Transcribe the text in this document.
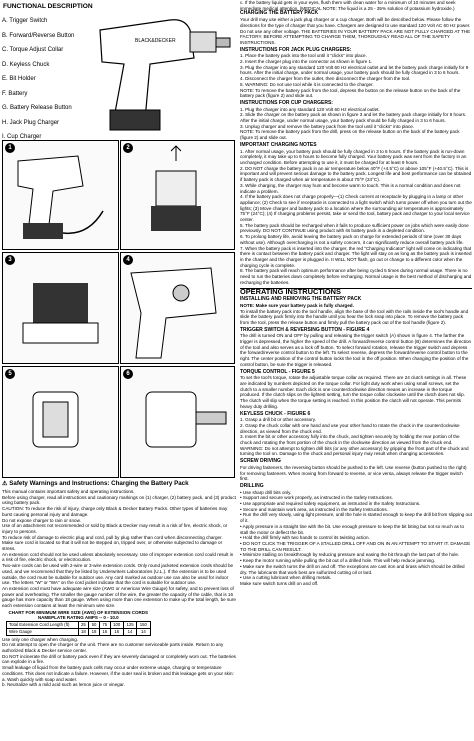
FUNCTIONAL DESCRIPTION
A. Trigger Switch
B. Forward/Reverse Button
C. Torque Adjust Collar
D. Keyless Chuck
E. Bit Holder
F. Battery
G. Battery Release Button
H. Jack Plug Charger
I. Cup Charger
BLACK&DECKER
1	2
3	4
5	6
⚠ Safety Warnings and Instructions: Charging the Battery Pack

This manual contains important safety and operating instructions.

Before using charger, read all instructions and cautionary markings on (1) charger, (2) battery pack, and (3) product using battery pack.

CAUTION: To reduce the risk of injury, charge only Black & Decker Battery Packs. Other types of batteries may burst causing personal injury and damage.

Do not expose charger to rain or snow.

Use of an attachment not recommended or sold by Black & Decker may result in a risk of fire, electric shock, or injury to persons.

To reduce risk of damage to electric plug and cord, pull by plug rather than cord when disconnecting charger.

Make sure cord is located so that it will not be stepped on, tripped over, or otherwise subjected to damage or stress.

An extension cord should not be used unless absolutely necessary. Use of improper extension cord could result in a risk of fire, electric shock, or electrocution.

Two-wire cords can be used with 2-wire or 3-wire extension cords. Only round jacketed extension cords should be used, and we recommend that they be listed by Underwriters Laboratories (U.L.). If the extension is to be used outside, the cord must be suitable for outdoor use. Any cord marked as outdoor use can also be used for indoor use. The letters "W" or "WA" on the cord jacket indicate that the cord is suitable for outdoor use.

An extension cord must have adequate wire size (AWG or American Wire Gauge) for safety, and to prevent loss of power and overheating. The smaller the gauge number of the wire, the greater the capacity of the cable, that is 16 gauge has more capacity than 18 gauge. When using more than one extension to make up the total length, be sure each extension contains at least the minimum wire size.

CHART FOR MINIMUM WIRE SIZE (AWG) OF EXTENSION CORDS						
NAMEPLATE RATING AMPS -- 0 - 10.0						
Total Extension Cord Length (ft)	25	50	75	100	125	150
Wire Gauge	18	18	16	16	14	14

Use only one charger when charging.

Do not attempt to open the charger or the unit. There are no customer serviceable parts inside. Return to any authorized Black & Decker service center.

Do NOT incinerate the drill or battery pack even if they are severely damaged or completely worn out. The batteries can explode in a fire.

Small leakage of liquid from the battery pack cells may occur under extreme usage, charging or temperature conditions. This does not indicate a failure. However, if the outer seal is broken and this leakage gets on your skin:

a. Wash quickly with soap and water.

b. Neutralize with a mild acid such as lemon juice or vinegar.

c. If the battery liquid gets in your eyes, flush them with clean water for a minimum of 10 minutes and seek immediate medical attention. (MEDICAL NOTE: The liquid is a 25 - 35% solution of potassium hydroxide.)

CHARGING THE BATTERY PACK

Your drill may use either a jack plug charger or a cup charger. Both will be described below. Please follow the directions for the type of charger that you have. Chargers are designed to use standard 120 Volt AC 60 Hz power. Do not use any other voltage. THE BATTERIES IN YOUR BATTERY PACK ARE NOT FULLY CHARGED AT THE FACTORY. BEFORE ATTEMPTING TO CHARGE THEM, THOROUGHLY READ ALL OF THE SAFETY INSTRUCTIONS.

INSTRUCTIONS FOR JACK PLUG CHARGERS:

1. Place the battery pack into the tool until it "clicks" into place.

2. Insert the charger plug into the connector as shown in figure 1.

3. Plug the charger into any standard 120 Volt 60 Hz electrical outlet and let the battery pack charge initially for 9 hours. After the initial charge, under normal usage, your battery pack should be fully charged in 3 to 6 hours.

4. Disconnect the charger from the outlet, then disconnect the charger from the tool.

5. WARNING: Do not use tool while it is connected to the charger.

NOTE: To remove the battery pack from the tool, depress the button on the release button on the back of the battery pack (figure 2) and slide out.

INSTRUCTIONS FOR CUP CHARGERS:

1. Plug the charger into any standard 120 Volt 60 Hz electrical outlet.

2. Slide the charger on the battery pack as shown in figure 3 and let the battery pack charge initially for 9 hours. After the initial charge, under normal usage, your battery pack should be fully charged in 3 to 6 hours.

3. Unplug charger and remove the battery pack from the tool until it "clicks" into place.

NOTE: To remove the battery pack from the drill, press on the release button on the back of the battery pack (figure 2) and slide out.

IMPORTANT CHARGING NOTES

1. After normal usage, your battery pack should be fully charged in 3 to 6 hours. If the battery pack is run-down completely, it may take up to 6 hours to become fully charged. Your battery pack was sent from the factory in an uncharged condition. Before attempting to use it, it must be charged for at least 9 hours.

2. DO NOT charge the battery pack in an air temperature below 40°F (+4.5°C) or above 105°F (+40.5°C). This is important and will prevent serious damage to the battery pack. Longest life and best performance can be obtained if battery pack is charged when air temperature is about 75°F (24°C).

3. While charging, the charger may hum and become warm to touch. This is a normal condition and does not indicate a problem.

4. If the battery pack does not charge properly—(1) Check current at receptacle by plugging in a lamp or other appliance; (2) Check to see if receptacle is connected to a light switch which turns power off when you turn out the lights; (3) Move charger and battery pack to a location where the surrounding air temperature is approximately 75°F (24°C); (4) If charging problems persist, take or send the tool, battery pack and charger to your local service center.

5. The battery pack should be recharged when it fails to produce sufficient power on jobs which were easily done previously. DO NOT CONTINUE using product with its battery pack in a depleted condition.

6. To prolong battery life, avoid leaving the battery pack on charge for extended periods of time (over 30 days without use). Although overcharging is not a safety concern, it can significantly reduce overall battery pack life.

7. When the battery pack is inserted into the charger, the red "Charging Indicator" light will come on indicating that there is contact between the battery pack and charger. The light will stay on as long as the battery pack is inserted in the charger and the charger is plugged in. It WILL NOT flash, go out or change to a different color when the charging cycle is complete.

8. The battery pack will reach optimum performance after being cycled 5 times during normal usage. There is no need to run the batteries down completely before recharging. Normal usage is the best method of discharging and recharging the batteries.

OPERATING INSTRUCTIONS
INSTALLING AND REMOVING THE BATTERY PACK

NOTE: Make sure your battery pack is fully charged.

To install the battery pack into the tool handle, align the base of the tool with the rails inside the tool's handle and slide the battery pack firmly into the handle until you hear the lock snap into place. To remove the battery pack from the tool, press the release button and firmly pull the battery pack out of the tool handle (figure 2).

TRIGGER SWITCH & REVERSING BUTTON - FIGURE 4

The drill is turned ON and OFF by pulling and releasing the trigger switch (A) shown in figure 4. The farther the trigger is depressed, the higher the speed of the drill. A forward/reverse control button (B) determines the direction of the tool and also serves as a lock off button. To select forward rotation, release the trigger switch and depress the forward/reverse control button to the left. To select reverse, depress the forward/reverse control button to the right. The center position of the control button locks the tool in the off position. When changing the position of the control button, be sure the trigger is released.

TORQUE CONTROL - FIGURE 5

To set the tool's torque, rotate the adjustable torque collar as required. There are 24 clutch settings in all. These are indicated by numbers depicted on the torque collar. For light duty work when using small screws, set the clutch to a smaller number. Each click is one counterclockwise direction means an increase in the torque produced. If the clutch slips on the lightest setting, turn the torque collar clockwise until the clutch does not slip. The clutch will slip when the torque setting is reached. In this position the clutch will not operate. This permits heavy duty drilling.

KEYLESS CHUCK - FIGURE 6

1. Grasp a drill bit or other accessory.

2. Grasp the chuck collar with one hand and use your other hand to rotate the chuck in the counterclockwise direction, as viewed from the chuck end.

3. Insert the bit or other accessory fully into the chuck, and tighten securely by holding the rear portion of the chuck and rotating the front portion of the chuck in the clockwise direction as viewed from the chuck end.

WARNING: Do not attempt to tighten drill bits (or any other accessory) by gripping the front part of the chuck and turning the tool on. Damage to the chuck and personal injury may result when changing accessories.

SCREW DRIVING

For driving fasteners, the reversing button should be pushed to the left. Use reverse (button pushed to the right) for removing fasteners. When moving from forward to reverse, or vice versa, always release the trigger switch first.

DRILLING

• Use sharp drill bits only.

• Support and secure work properly, as instructed in the Safety Instructions.

• Use appropriate and required safety equipment, as instructed in the Safety Instructions.

• Secure and maintain work area, as instructed in the Safety Instructions.

• Run the drill very slowly, using light pressure, until the hole is started enough to keep the drill bit from slipping out of it.

• Apply pressure in a straight line with the bit. Use enough pressure to keep the bit biting but not so much as to stall the motor or deflect the bit.

• Hold the drill firmly with two hands to control its twisting action.

• DO NOT CLICK THE TRIGGER OF A STALLED DRILL OFF AND ON IN AN ATTEMPT TO START IT. DAMAGE TO THE DRILL CAN RESULT.

• Minimize stalling on breakthrough by reducing pressure and easing the bit through the last part of the hole.

• Keep the motor running while pulling the bit out of a drilled hole. This will help reduce jamming.

• Make sure the switch turns the drill on and off. The exceptions are cast iron and brass which should be drilled dry. The lubricants that work best are sulfurized cutting oil or lard.

• Use a cutting lubricant when drilling metals.

Make sure switch turns drill on and off.
